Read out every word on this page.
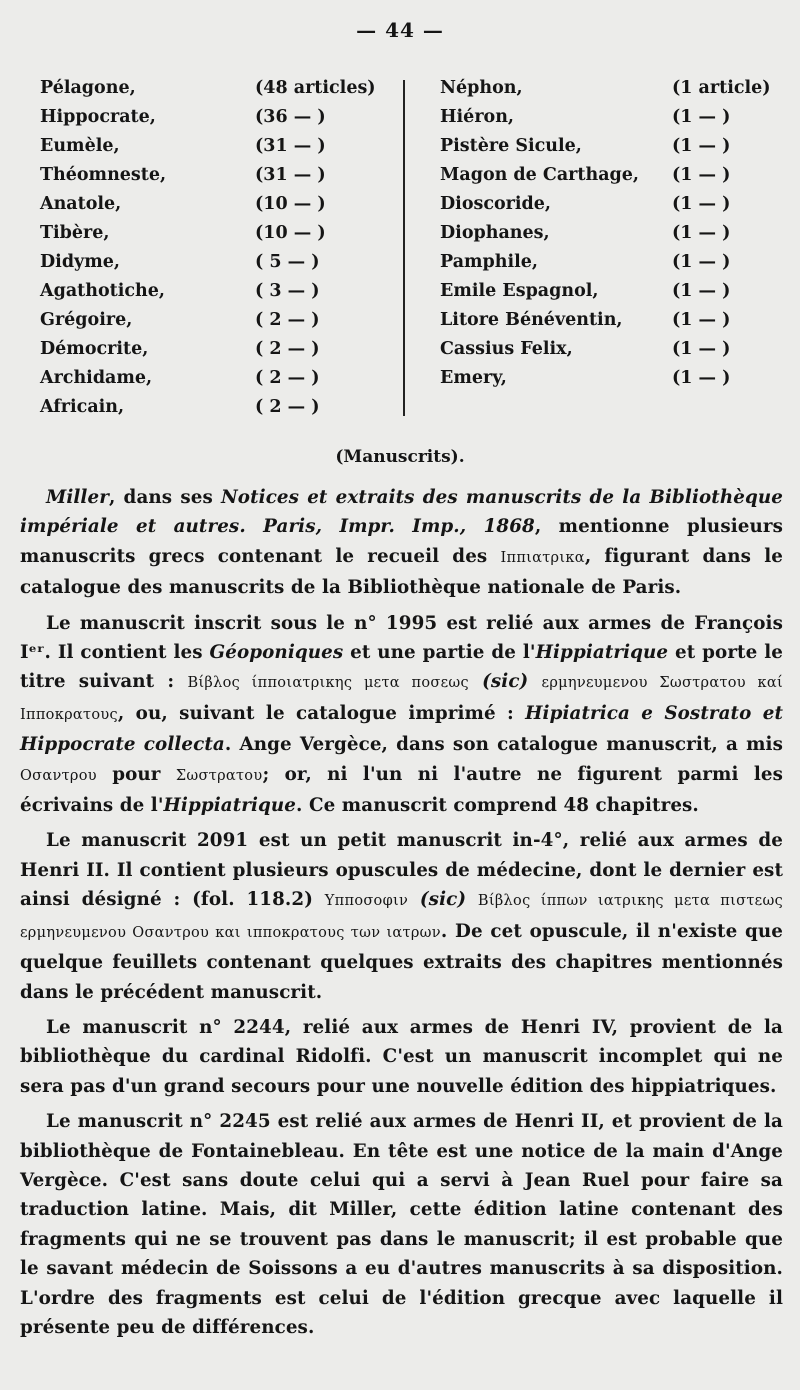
— 44 —
Pélagone,	(48 articles)
Hippocrate,	(36 — )
Eumèle,	(31 — )
Théomneste,	(31 — )
Anatole,	(10 — )
Tibère,	(10 — )
Didyme,	( 5 — )
Agathotiche,	( 3 — )
Grégoire,	( 2 — )
Démocrite,	( 2 — )
Archidame,	( 2 — )
Africain,	( 2 — )
Néphon,	(1 article)
Hiéron,	(1 — )
Pistère Sicule,	(1 — )
Magon de Carthage, (1 — )
Dioscoride,	(1 — )
Diophanes,	(1 — )
Pamphile,	(1 — )
Emile Espagnol,	(1 — )
Litore Bénéventin,	(1 — )
Cassius Felix,	(1 — )
Emery,	(1 — )
(Manuscrits).

Miller, dans ses Notices et extraits des manuscrits de la Bibliothèque impériale et autres. Paris, Impr. Imp., 1868, mentionne plusieurs manuscrits grecs contenant le recueil des Ιππιατρικα, figurant dans le catalogue des manuscrits de la Bibliothèque nationale de Paris.

Le manuscrit inscrit sous le n° 1995 est relié aux armes de François Iᵉʳ. Il contient les Géoponiques et une partie de l'Hippiatrique et porte le titre suivant : Βίβλος ίπποιατρικης μετα ποσεως (sic) ερμηνευμενου Σωστρατου καί Ιπποκρατους, ou, suivant le catalogue imprimé : Hipiatrica e Sostrato et Hippocrate collecta. Ange Vergèce, dans son catalogue manuscrit, a mis Οσαντρου pour Σωστρατου; or, ni l'un ni l'autre ne figurent parmi les écrivains de l'Hippiatrique. Ce manuscrit comprend 48 chapitres.

Le manuscrit 2091 est un petit manuscrit in-4°, relié aux armes de Henri II. Il contient plusieurs opuscules de médecine, dont le dernier est ainsi désigné : (fol. 118.2) Υπποσοφιν (sic) Βίβλος ίππων ιατρικης μετα πιστεως ερμηνευμενου Οσαντρου και ιπποκρατους των ιατρων. De cet opuscule, il n'existe que quelque feuillets contenant quelques extraits des chapitres mentionnés dans le précédent manuscrit.

Le manuscrit n° 2244, relié aux armes de Henri IV, provient de la bibliothèque du cardinal Ridolfi. C'est un manuscrit incomplet qui ne sera pas d'un grand secours pour une nouvelle édition des hippiatriques.

Le manuscrit n° 2245 est relié aux armes de Henri II, et provient de la bibliothèque de Fontainebleau. En tête est une notice de la main d'Ange Vergèce. C'est sans doute celui qui a servi à Jean Ruel pour faire sa traduction latine. Mais, dit Miller, cette édition latine contenant des fragments qui ne se trouvent pas dans le manuscrit; il est probable que le savant médecin de Soissons a eu d'autres manuscrits à sa disposition. L'ordre des fragments est celui de l'édition grecque avec laquelle il présente peu de différences.
